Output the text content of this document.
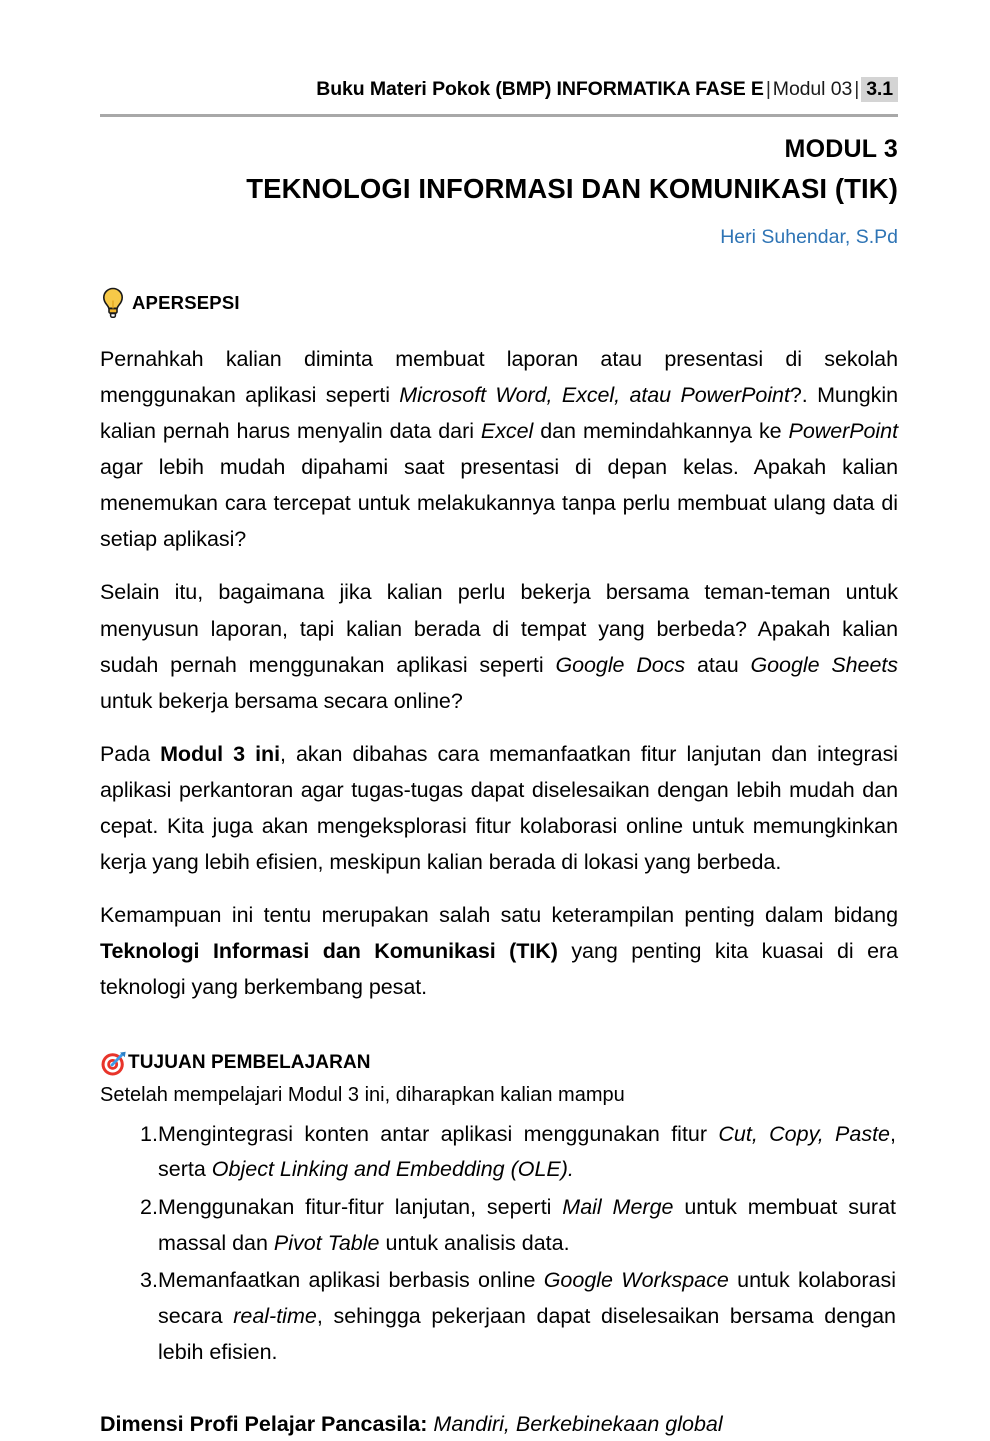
Buku Materi Pokok (BMP) INFORMATIKA FASE E | Modul 03 | 3.1
MODUL 3
TEKNOLOGI INFORMASI DAN KOMUNIKASI (TIK)
Heri Suhendar, S.Pd
APERSEPSI
Pernahkah kalian diminta membuat laporan atau presentasi di sekolah menggunakan aplikasi seperti Microsoft Word, Excel, atau PowerPoint?. Mungkin kalian pernah harus menyalin data dari Excel dan memindahkannya ke PowerPoint agar lebih mudah dipahami saat presentasi di depan kelas. Apakah kalian menemukan cara tercepat untuk melakukannya tanpa perlu membuat ulang data di setiap aplikasi?
Selain itu, bagaimana jika kalian perlu bekerja bersama teman-teman untuk menyusun laporan, tapi kalian berada di tempat yang berbeda? Apakah kalian sudah pernah menggunakan aplikasi seperti Google Docs atau Google Sheets untuk bekerja bersama secara online?
Pada Modul 3 ini, akan dibahas cara memanfaatkan fitur lanjutan dan integrasi aplikasi perkantoran agar tugas-tugas dapat diselesaikan dengan lebih mudah dan cepat. Kita juga akan mengeksplorasi fitur kolaborasi online untuk memungkinkan kerja yang lebih efisien, meskipun kalian berada di lokasi yang berbeda.
Kemampuan ini tentu merupakan salah satu keterampilan penting dalam bidang Teknologi Informasi dan Komunikasi (TIK) yang penting kita kuasai di era teknologi yang berkembang pesat.
TUJUAN PEMBELAJARAN
Setelah mempelajari Modul 3 ini, diharapkan kalian mampu
1. Mengintegrasi konten antar aplikasi menggunakan fitur Cut, Copy, Paste, serta Object Linking and Embedding (OLE).
2. Menggunakan fitur-fitur lanjutan, seperti Mail Merge untuk membuat surat massal dan Pivot Table untuk analisis data.
3. Memanfaatkan aplikasi berbasis online Google Workspace untuk kolaborasi secara real-time, sehingga pekerjaan dapat diselesaikan bersama dengan lebih efisien.
Dimensi Profi Pelajar Pancasila: Mandiri, Berkebinekaan global
